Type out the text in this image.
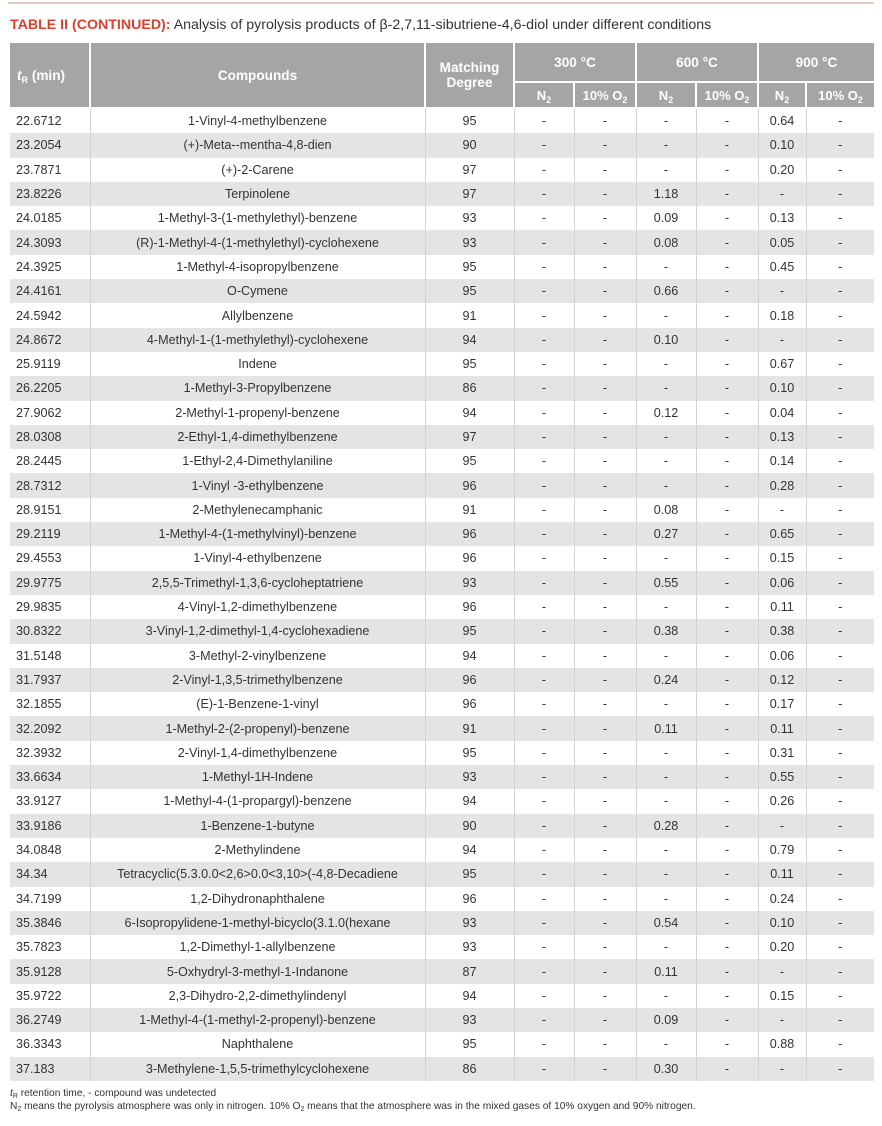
TABLE II (CONTINUED): Analysis of pyrolysis products of β-2,7,11-sibutriene-4,6-diol under different conditions
$t_R$ (min)	Compounds	Matching
Degree	300 °C		600 °C		900 °C	
			$N_2$	10% $O_2$	$N_2$	10% $O_2$	$N_2$	10% $O_2$
22.6712	1-Vinyl-4-methylbenzene	95	-	-	-	-	0.64	-
23.2054	(+)-Meta--mentha-4,8-dien	90	-	-	-	-	0.10	-
23.7871	(+)-2-Carene	97	-	-	-	-	0.20	-
23.8226	Terpinolene	97	-	-	1.18	-	-	-
24.0185	1-Methyl-3-(1-methylethyl)-benzene	93	-	-	0.09	-	0.13	-
24.3093	(R)-1-Methyl-4-(1-methylethyl)-cyclohexene	93	-	-	0.08	-	0.05	-
24.3925	1-Methyl-4-isopropylbenzene	95	-	-	-	-	0.45	-
24.4161	O-Cymene	95	-	-	0.66	-	-	-
24.5942	Allylbenzene	91	-	-	-	-	0.18	-
24.8672	4-Methyl-1-(1-methylethyl)-cyclohexene	94	-	-	0.10	-	-	-
25.9119	Indene	95	-	-	-	-	0.67	-
26.2205	1-Methyl-3-Propylbenzene	86	-	-	-	-	0.10	-
27.9062	2-Methyl-1-propenyl-benzene	94	-	-	0.12	-	0.04	-
28.0308	2-Ethyl-1,4-dimethylbenzene	97	-	-	-	-	0.13	-
28.2445	1-Ethyl-2,4-Dimethylaniline	95	-	-	-	-	0.14	-
28.7312	1-Vinyl -3-ethylbenzene	96	-	-	-	-	0.28	-
28.9151	2-Methylenecamphanic	91	-	-	0.08	-	-	-
29.2119	1-Methyl-4-(1-methylvinyl)-benzene	96	-	-	0.27	-	0.65	-
29.4553	1-Vinyl-4-ethylbenzene	96	-	-	-	-	0.15	-
29.9775	2,5,5-Trimethyl-1,3,6-cycloheptatriene	93	-	-	0.55	-	0.06	-
29.9835	4-Vinyl-1,2-dimethylbenzene	96	-	-	-	-	0.11	-
30.8322	3-Vinyl-1,2-dimethyl-1,4-cyclohexadiene	95	-	-	0.38	-	0.38	-
31.5148	3-Methyl-2-vinylbenzene	94	-	-	-	-	0.06	-
31.7937	2-Vinyl-1,3,5-trimethylbenzene	96	-	-	0.24	-	0.12	-
32.1855	(E)-1-Benzene-1-vinyl	96	-	-	-	-	0.17	-
32.2092	1-Methyl-2-(2-propenyl)-benzene	91	-	-	0.11	-	0.11	-
32.3932	2-Vinyl-1,4-dimethylbenzene	95	-	-	-	-	0.31	-
33.6634	1-Methyl-1H-Indene	93	-	-	-	-	0.55	-
33.9127	1-Methyl-4-(1-propargyl)-benzene	94	-	-	-	-	0.26	-
33.9186	1-Benzene-1-butyne	90	-	-	0.28	-	-	-
34.0848	2-Methylindene	94	-	-	-	-	0.79	-
34.34	Tetracyclic(5.3.0.0<2,6>0.0<3,10>(-4,8-Decadiene	95	-	-	-	-	0.11	-
34.7199	1,2-Dihydronaphthalene	96	-	-	-	-	0.24	-
35.3846	6-Isopropylidene-1-methyl-bicyclo(3.1.0(hexane	93	-	-	0.54	-	0.10	-
35.7823	1,2-Dimethyl-1-allylbenzene	93	-	-	-	-	0.20	-
35.9128	5-Oxhydryl-3-methyl-1-Indanone	87	-	-	0.11	-	-	-
35.9722	2,3-Dihydro-2,2-dimethylindenyl	94	-	-	-	-	0.15	-
36.2749	1-Methyl-4-(1-methyl-2-propenyl)-benzene	93	-	-	0.09	-	-	-
36.3343	Naphthalene	95	-	-	-	-	0.88	-
37.183	3-Methylene-1,5,5-trimethylcyclohexene	86	-	-	0.30	-	-	-
$t_R$ retention time, - compound was undetected
$N_2$ means the pyrolysis atmosphere was only in nitrogen. 10% $O_2$ means that the atmosphere was in the mixed gases of 10% oxygen and 90% nitrogen.
